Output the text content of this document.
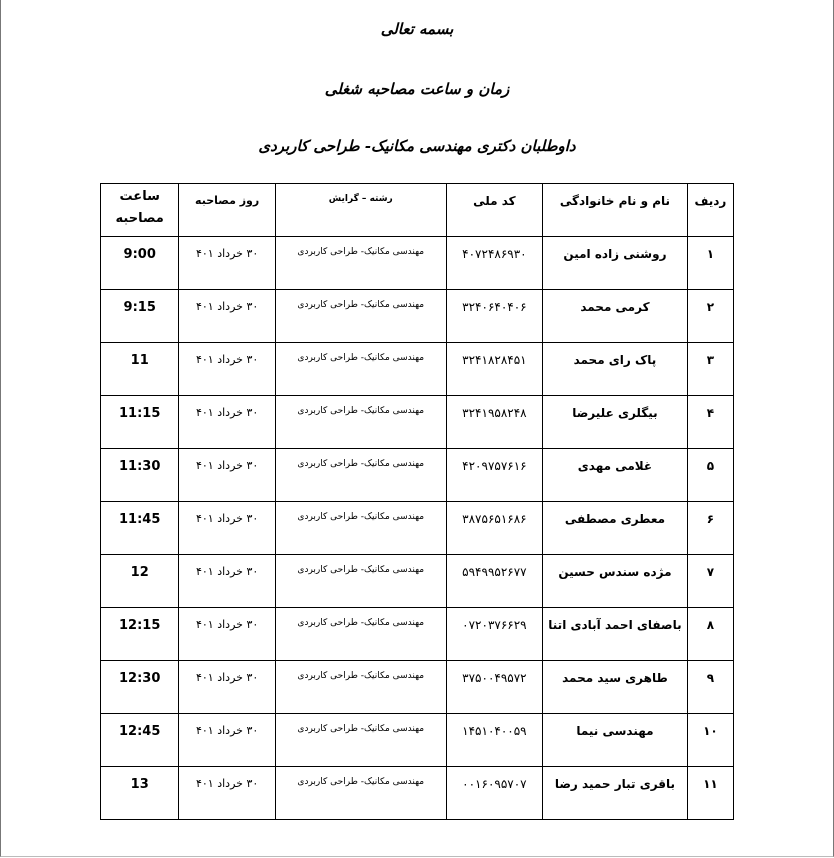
بسمه تعالی
زمان و ساعت مصاحبه شغلی
داوطلبان دکتری مهندسی مکانیک- طراحی کاربردی
ردیف	نام و نام خانوادگی	کد ملی	رشته – گرایش	روز مصاحبه	ساعت مصاحبه
۱	روشنی زاده امین	۴۰۷۲۴۸۶۹۳۰	مهندسی مکانیک- طراحی کاربردی	۳۰ خرداد ۴۰۱	9:00
۲	کرمی محمد	۳۲۴۰۶۴۰۴۰۶	مهندسی مکانیک- طراحی کاربردی	۳۰ خرداد ۴۰۱	9:15
۳	پاک رای محمد	۳۲۴۱۸۲۸۴۵۱	مهندسی مکانیک- طراحی کاربردی	۳۰ خرداد ۴۰۱	11
۴	بیگلری علیرضا	۳۲۴۱۹۵۸۲۴۸	مهندسی مکانیک- طراحی کاربردی	۳۰ خرداد ۴۰۱	11:15
۵	غلامی مهدی	۴۲۰۹۷۵۷۶۱۶	مهندسی مکانیک- طراحی کاربردی	۳۰ خرداد ۴۰۱	11:30
۶	معطری مصطفی	۳۸۷۵۶۵۱۶۸۶	مهندسی مکانیک- طراحی کاربردی	۳۰ خرداد ۴۰۱	11:45
۷	مژده سندس حسین	۵۹۴۹۹۵۲۶۷۷	مهندسی مکانیک- طراحی کاربردی	۳۰ خرداد ۴۰۱	12
۸	باصفای احمد آبادی اتنا	۰۷۲۰۳۷۶۶۲۹	مهندسی مکانیک- طراحی کاربردی	۳۰ خرداد ۴۰۱	12:15
۹	طاهری سید محمد	۳۷۵۰۰۴۹۵۷۲	مهندسی مکانیک- طراحی کاربردی	۳۰ خرداد ۴۰۱	12:30
۱۰	مهندسی نیما	۱۴۵۱۰۴۰۰۵۹	مهندسی مکانیک- طراحی کاربردی	۳۰ خرداد ۴۰۱	12:45
۱۱	باقری تبار حمید رضا	۰۰۱۶۰۹۵۷۰۷	مهندسی مکانیک- طراحی کاربردی	۳۰ خرداد ۴۰۱	13
